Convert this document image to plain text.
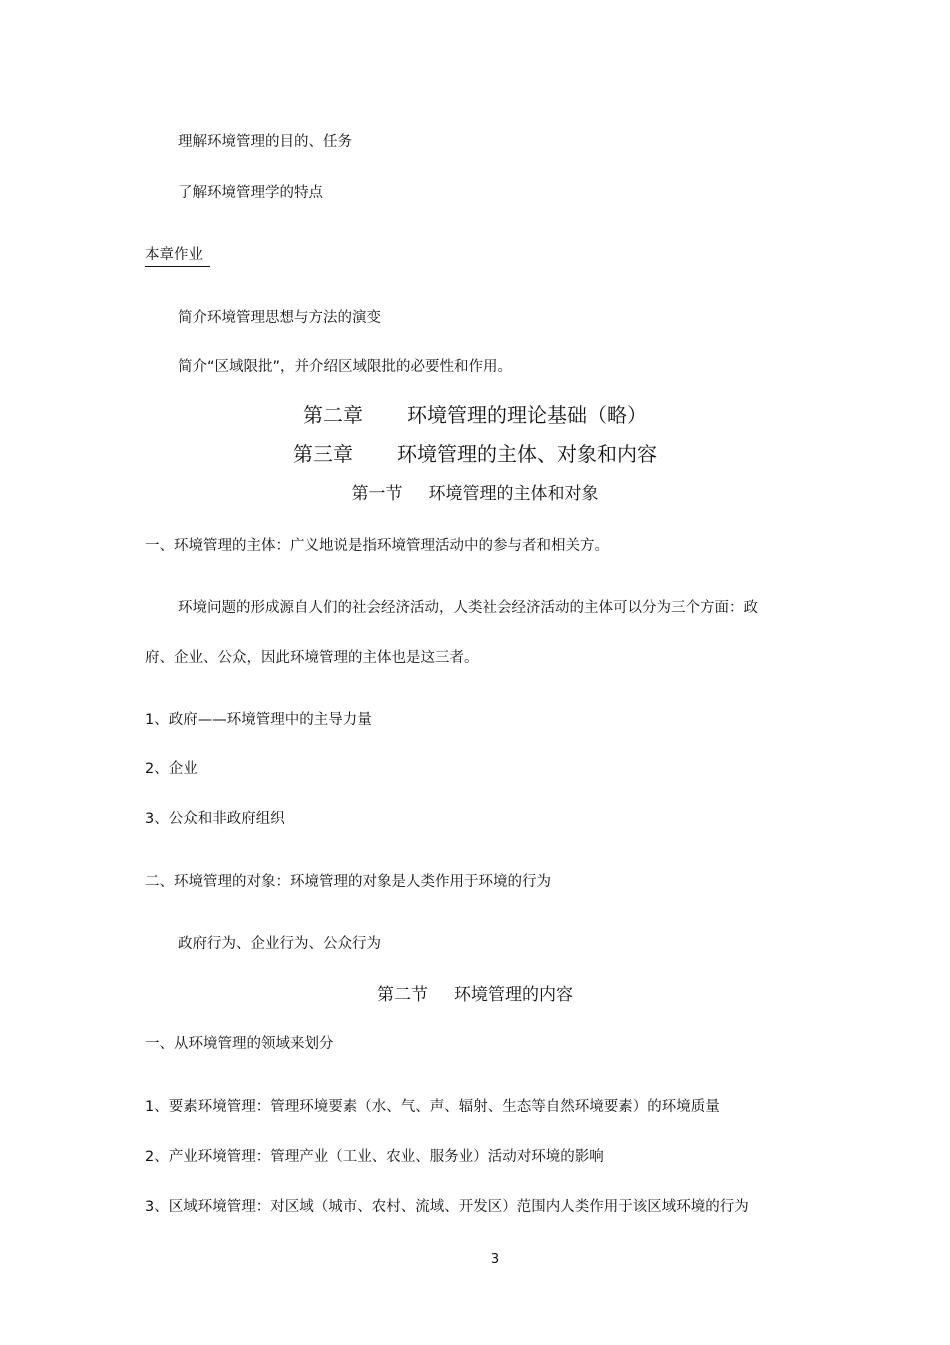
理解环境管理的目的、任务
了解环境管理学的特点
本章作业
简介环境管理思想与方法的演变
简介“区域限批”，并介绍区域限批的必要性和作用。
第二章 环境管理的理论基础（略）
第三章 环境管理的主体、对象和内容
第一节 环境管理的主体和对象
一、环境管理的主体：广义地说是指环境管理活动中的参与者和相关方。
环境问题的形成源自人们的社会经济活动，人类社会经济活动的主体可以分为三个方面：政
府、企业、公众，因此环境管理的主体也是这三者。
1、政府——环境管理中的主导力量
2、企业
3、公众和非政府组织
二、环境管理的对象：环境管理的对象是人类作用于环境的行为
政府行为、企业行为、公众行为
第二节 环境管理的内容
一、从环境管理的领域来划分
1、要素环境管理：管理环境要素（水、气、声、辐射、生态等自然环境要素）的环境质量
2、产业环境管理：管理产业（工业、农业、服务业）活动对环境的影响
3、区域环境管理：对区域（城市、农村、流域、开发区）范围内人类作用于该区域环境的行为
3
